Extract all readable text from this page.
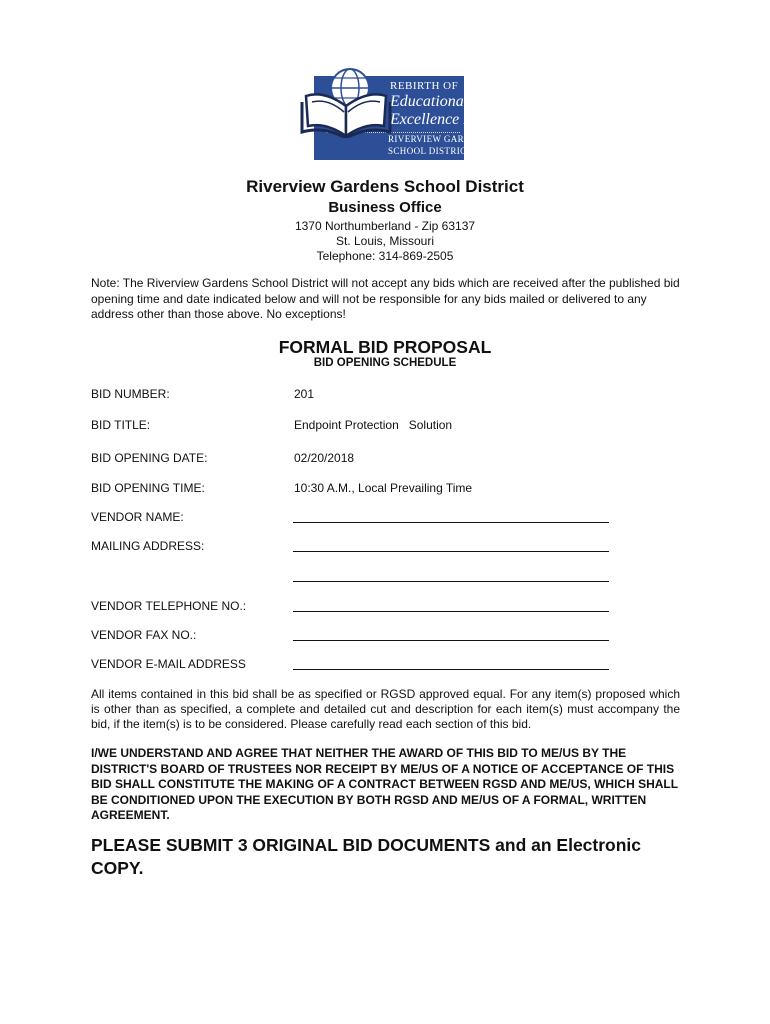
REBIRTH OF
Educational
Excellence IN
RIVERVIEW GARDENS
SCHOOL DISTRICT
Riverview Gardens School District
Business Office
1370 Northumberland - Zip 63137
St. Louis, Missouri
Telephone: 314-869-2505
Note: The Riverview Gardens School District will not accept any bids which are received after the published bid opening time and date indicated below and will not be responsible for any bids mailed or delivered to any address other than those above. No exceptions!
FORMAL BID PROPOSAL
BID OPENING SCHEDULE
BID NUMBER:	201
BID TITLE:	Endpoint Protection   Solution
BID OPENING DATE:	02/20/2018
BID OPENING TIME:	10:30 A.M., Local Prevailing Time
VENDOR NAME:
MAILING ADDRESS:
VENDOR TELEPHONE NO.:
VENDOR FAX NO.:
VENDOR E-MAIL ADDRESS
All items contained in this bid shall be as specified or RGSD approved equal. For any item(s) proposed which is other than as specified, a complete and detailed cut and description for each item(s) must accompany the bid, if the item(s) is to be considered. Please carefully read each section of this bid.
I/WE UNDERSTAND AND AGREE THAT NEITHER THE AWARD OF THIS BID TO ME/US BY THE DISTRICT'S BOARD OF TRUSTEES NOR RECEIPT BY ME/US OF A NOTICE OF ACCEPTANCE OF THIS BID SHALL CONSTITUTE THE MAKING OF A CONTRACT BETWEEN RGSD AND ME/US, WHICH SHALL BE CONDITIONED UPON THE EXECUTION BY BOTH RGSD AND ME/US OF A FORMAL, WRITTEN AGREEMENT.
PLEASE SUBMIT 3 ORIGINAL BID DOCUMENTS and an Electronic COPY.
